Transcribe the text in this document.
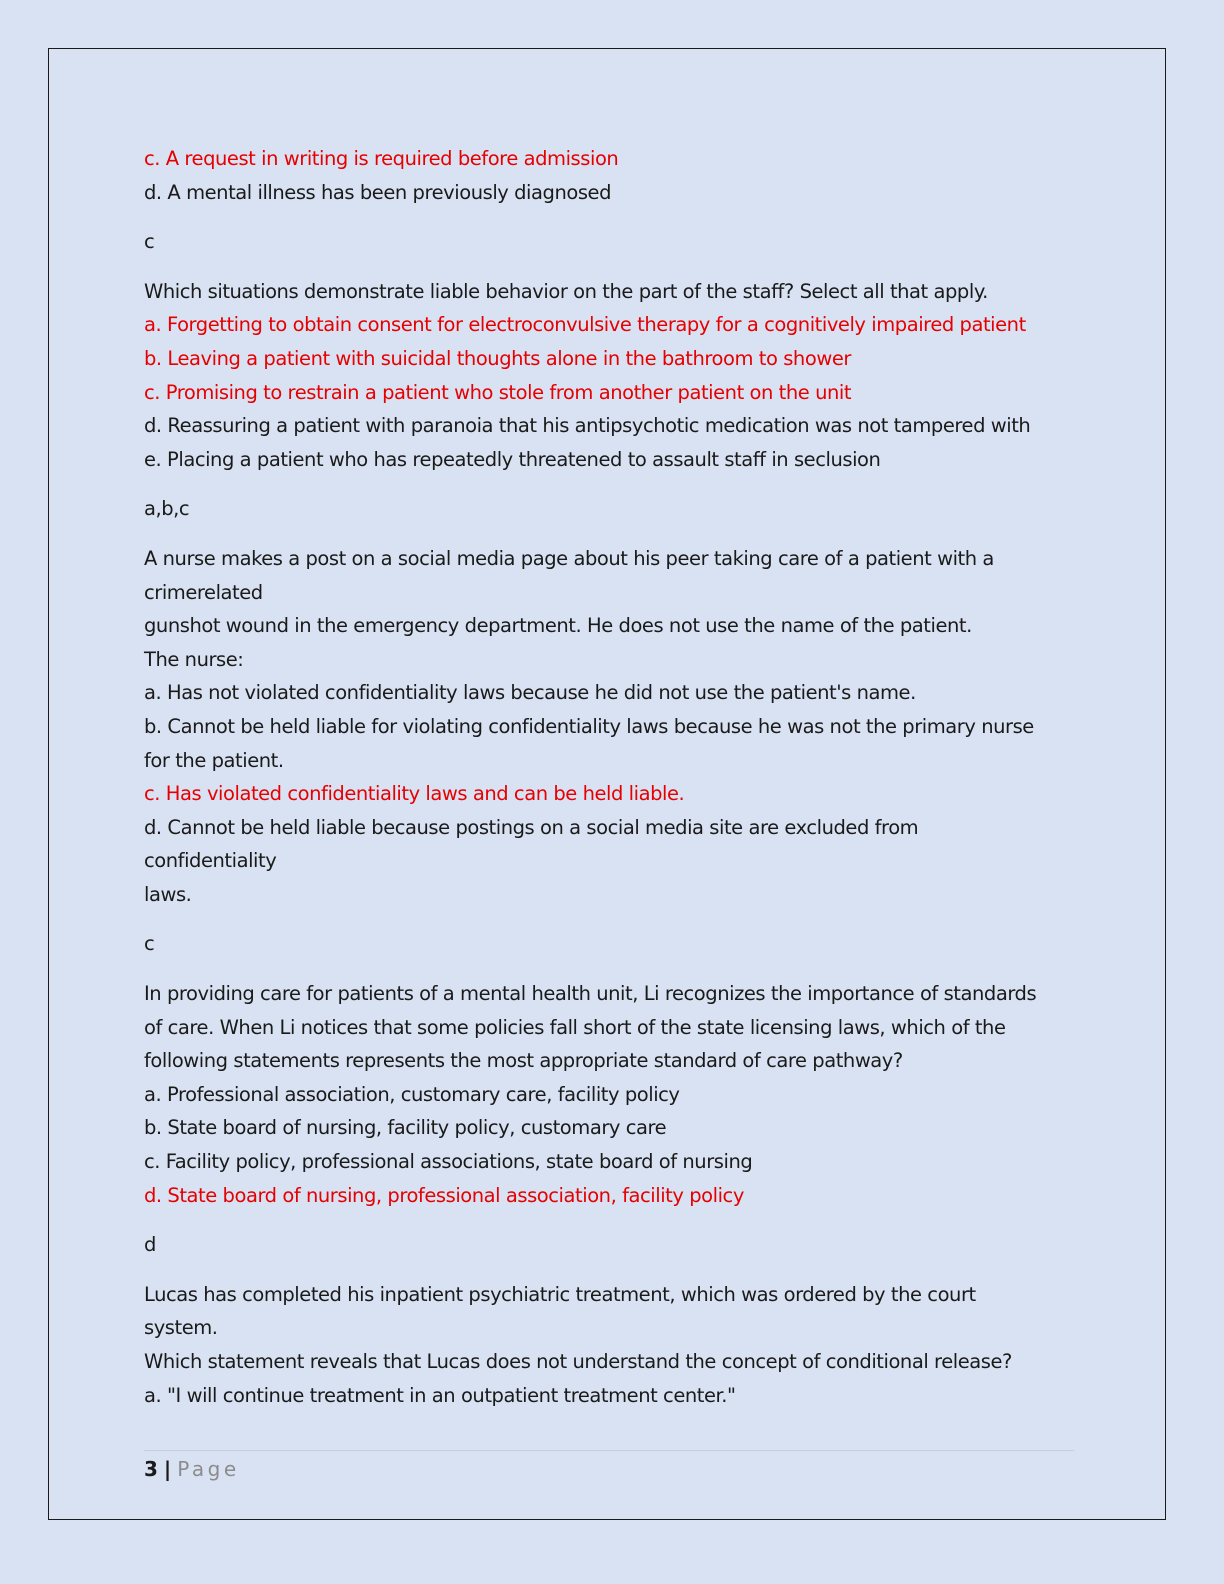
c. A request in writing is required before admission
d. A mental illness has been previously diagnosed
c
Which situations demonstrate liable behavior on the part of the staff? Select all that apply.
a. Forgetting to obtain consent for electroconvulsive therapy for a cognitively impaired patient
b. Leaving a patient with suicidal thoughts alone in the bathroom to shower
c. Promising to restrain a patient who stole from another patient on the unit
d. Reassuring a patient with paranoia that his antipsychotic medication was not tampered with
e. Placing a patient who has repeatedly threatened to assault staff in seclusion
a,b,c
A nurse makes a post on a social media page about his peer taking care of a patient with a
crimerelated
gunshot wound in the emergency department. He does not use the name of the patient.
The nurse:
a. Has not violated confidentiality laws because he did not use the patient's name.
b. Cannot be held liable for violating confidentiality laws because he was not the primary nurse
for the patient.
c. Has violated confidentiality laws and can be held liable.
d. Cannot be held liable because postings on a social media site are excluded from
confidentiality
laws.
c
In providing care for patients of a mental health unit, Li recognizes the importance of standards
of care. When Li notices that some policies fall short of the state licensing laws, which of the
following statements represents the most appropriate standard of care pathway?
a. Professional association, customary care, facility policy
b. State board of nursing, facility policy, customary care
c. Facility policy, professional associations, state board of nursing
d. State board of nursing, professional association, facility policy
d
Lucas has completed his inpatient psychiatric treatment, which was ordered by the court
system.
Which statement reveals that Lucas does not understand the concept of conditional release?
a. "I will continue treatment in an outpatient treatment center."
3 | Page
